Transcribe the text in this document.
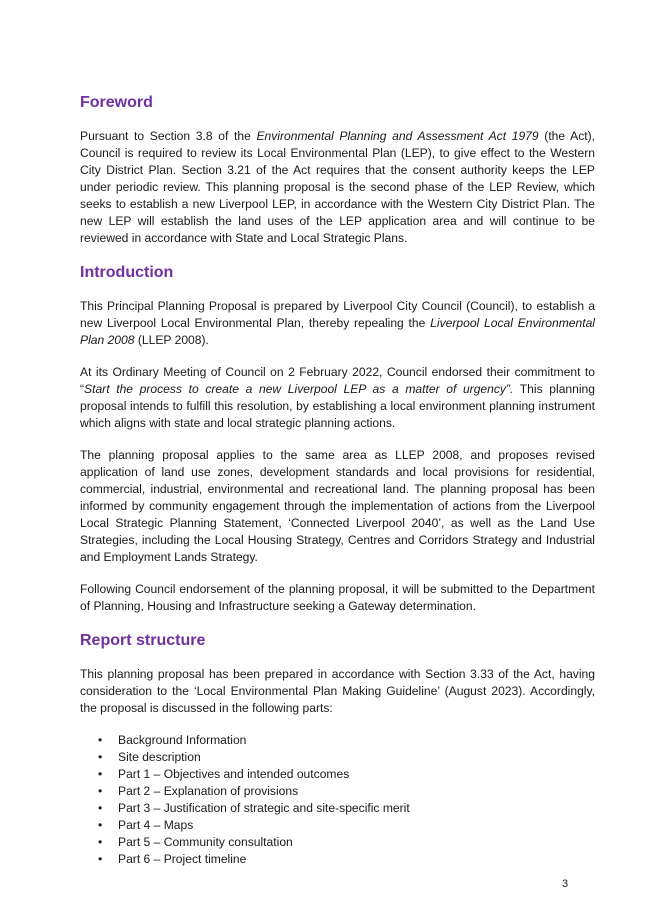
Foreword

Pursuant to Section 3.8 of the Environmental Planning and Assessment Act 1979 (the Act), Council is required to review its Local Environmental Plan (LEP), to give effect to the Western City District Plan. Section 3.21 of the Act requires that the consent authority keeps the LEP under periodic review. This planning proposal is the second phase of the LEP Review, which seeks to establish a new Liverpool LEP, in accordance with the Western City District Plan. The new LEP will establish the land uses of the LEP application area and will continue to be reviewed in accordance with State and Local Strategic Plans.

Introduction

This Principal Planning Proposal is prepared by Liverpool City Council (Council), to establish a new Liverpool Local Environmental Plan, thereby repealing the Liverpool Local Environmental Plan 2008 (LLEP 2008).

At its Ordinary Meeting of Council on 2 February 2022, Council endorsed their commitment to “Start the process to create a new Liverpool LEP as a matter of urgency”. This planning proposal intends to fulfill this resolution, by establishing a local environment planning instrument which aligns with state and local strategic planning actions.

The planning proposal applies to the same area as LLEP 2008, and proposes revised application of land use zones, development standards and local provisions for residential, commercial, industrial, environmental and recreational land. The planning proposal has been informed by community engagement through the implementation of actions from the Liverpool Local Strategic Planning Statement, ‘Connected Liverpool 2040’, as well as the Land Use Strategies, including the Local Housing Strategy, Centres and Corridors Strategy and Industrial and Employment Lands Strategy.

Following Council endorsement of the planning proposal, it will be submitted to the Department of Planning, Housing and Infrastructure seeking a Gateway determination.

Report structure

This planning proposal has been prepared in accordance with Section 3.33 of the Act, having consideration to the ‘Local Environmental Plan Making Guideline’ (August 2023). Accordingly, the proposal is discussed in the following parts:

• Background Information
• Site description
• Part 1 – Objectives and intended outcomes
• Part 2 – Explanation of provisions
• Part 3 – Justification of strategic and site-specific merit
• Part 4 – Maps
• Part 5 – Community consultation
• Part 6 – Project timeline
3
